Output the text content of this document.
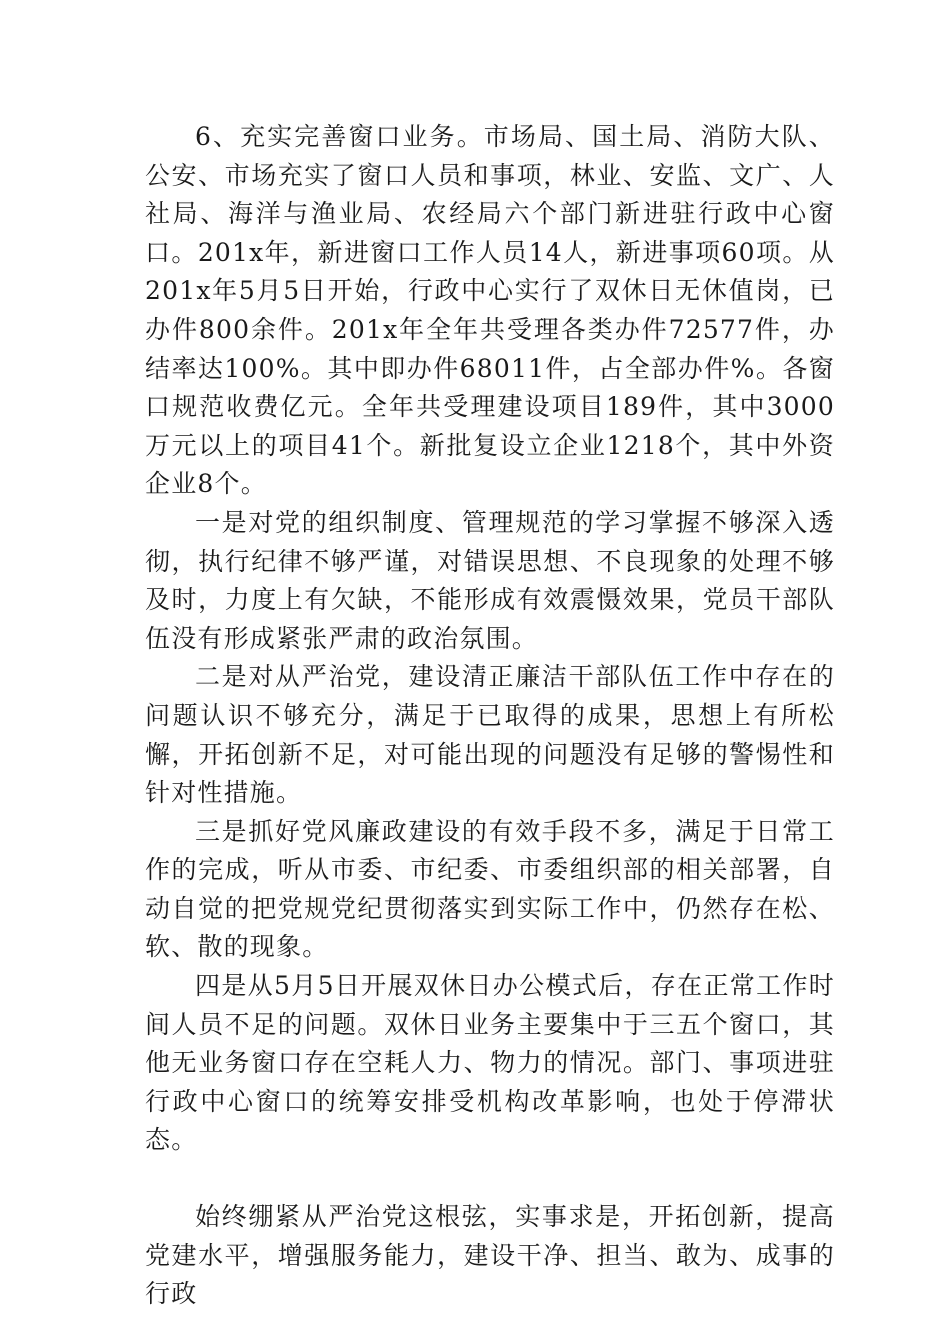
6、充实完善窗口业务。市场局、国土局、消防大队、公安、市场充实了窗口人员和事项，林业、安监、文广、人社局、海洋与渔业局、农经局六个部门新进驻行政中心窗口。201x年，新进窗口工作人员14人，新进事项60项。从201x年5月5日开始，行政中心实行了双休日无休值岗，已办件800余件。201x年全年共受理各类办件72577件，办结率达100%。其中即办件68011件，占全部办件%。各窗口规范收费亿元。全年共受理建设项目189件，其中3000万元以上的项目41个。新批复设立企业1218个，其中外资企业8个。

一是对党的组织制度、管理规范的学习掌握不够深入透彻，执行纪律不够严谨，对错误思想、不良现象的处理不够及时，力度上有欠缺，不能形成有效震慑效果，党员干部队伍没有形成紧张严肃的政治氛围。

二是对从严治党，建设清正廉洁干部队伍工作中存在的问题认识不够充分，满足于已取得的成果，思想上有所松懈，开拓创新不足，对可能出现的问题没有足够的警惕性和针对性措施。

三是抓好党风廉政建设的有效手段不多，满足于日常工作的完成，听从市委、市纪委、市委组织部的相关部署，自动自觉的把党规党纪贯彻落实到实际工作中，仍然存在松、软、散的现象。

四是从5月5日开展双休日办公模式后，存在正常工作时间人员不足的问题。双休日业务主要集中于三五个窗口，其他无业务窗口存在空耗人力、物力的情况。部门、事项进驻行政中心窗口的统筹安排受机构改革影响，也处于停滞状态。

始终绷紧从严治党这根弦，实事求是，开拓创新，提高党建水平，增强服务能力，建设干净、担当、敢为、成事的行政
